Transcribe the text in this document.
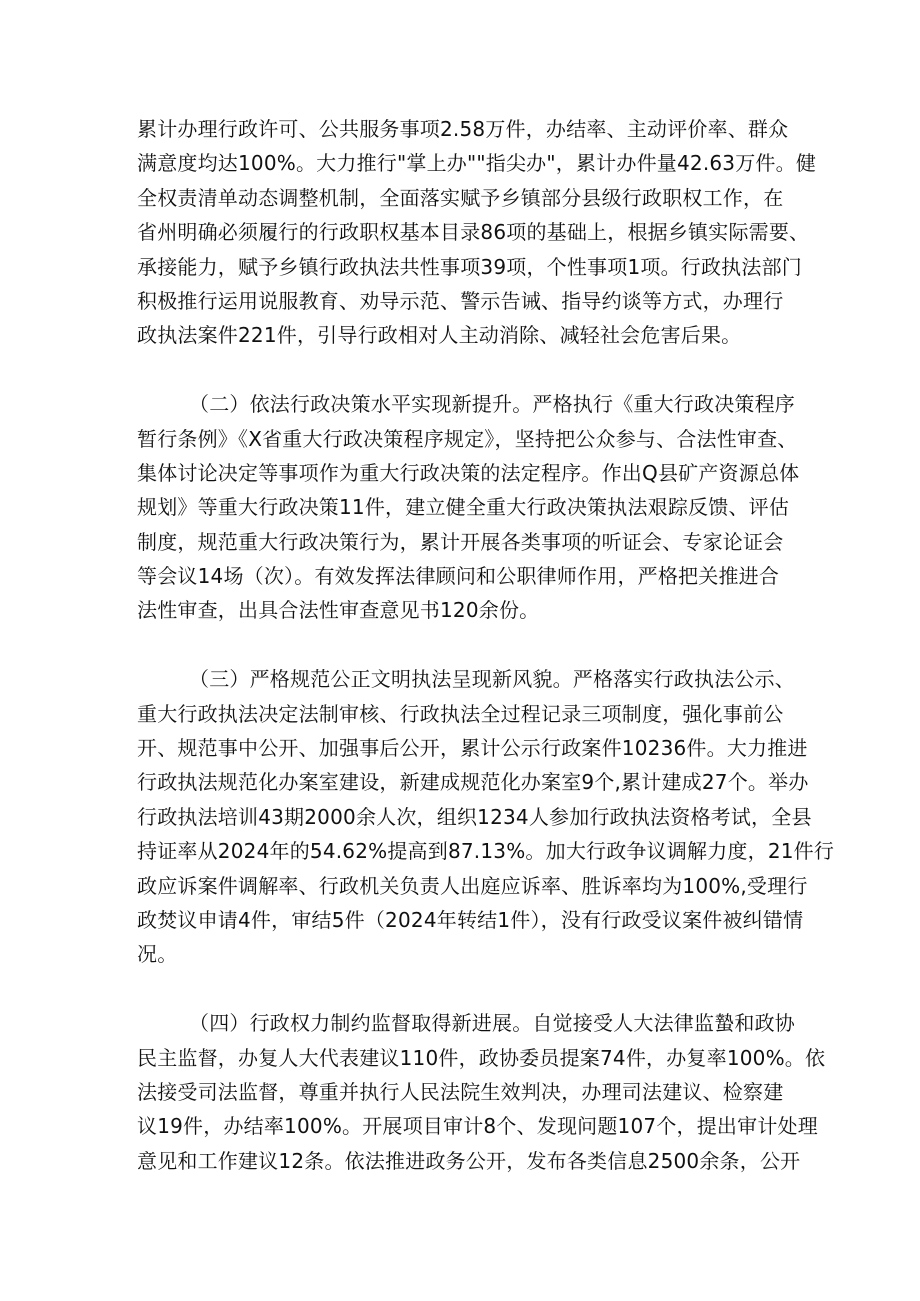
累计办理行政许可、公共服务事项2.58万件，办结率、主动评价率、群众
满意度均达100%。大力推行"掌上办""指尖办"，累计办件量42.63万件。健
全权责清单动态调整机制，全面落实赋予乡镇部分县级行政职权工作，在
省州明确必须履行的行政职权基本目录86项的基础上，根据乡镇实际需要、
承接能力，赋予乡镇行政执法共性事项39项，个性事项1项。行政执法部门
积极推行运用说服教育、劝导示范、警示告诫、指导约谈等方式，办理行
政执法案件221件，引导行政相对人主动消除、减轻社会危害后果。
（二）依法行政决策水平实现新提升。严格执行《重大行政决策程序
暂行条例》《X省重大行政决策程序规定》，坚持把公众参与、合法性审查、
集体讨论决定等事项作为重大行政决策的法定程序。作出Q县矿产资源总体
规划》等重大行政决策11件，建立健全重大行政决策执法艰踪反馈、评估
制度，规范重大行政决策行为，累计开展各类事项的听证会、专家论证会
等会议14场（次）。有效发挥法律顾问和公职律师作用，严格把关推进合
法性审查，出具合法性审查意见书120余份。
（三）严格规范公正文明执法呈现新风貌。严格落实行政执法公示、
重大行政执法决定法制审核、行政执法全过程记录三项制度，强化事前公
开、规范事中公开、加强事后公开，累计公示行政案件10236件。大力推进
行政执法规范化办案室建设，新建成规范化办案室9个,累计建成27个。举办
行政执法培训43期2000余人次，组织1234人参加行政执法资格考试，全县
持证率从2024年的54.62%提高到87.13%。加大行政争议调解力度，21件行
政应诉案件调解率、行政机关负责人出庭应诉率、胜诉率均为100%,受理行
政焚议申请4件，审结5件（2024年转结1件），没有行政受议案件被纠错情
况。
（四）行政权力制约监督取得新进展。自觉接受人大法律监蟄和政协
民主监督，办复人大代表建议110件，政协委员提案74件，办复率100%。依
法接受司法监督，尊重并执行人民法院生效判决，办理司法建议、检察建
议19件，办结率100%。开展项目审计8个、发现问题107个，提出审计处理
意见和工作建议12条。依法推进政务公开，发布各类信息2500余条，公开
